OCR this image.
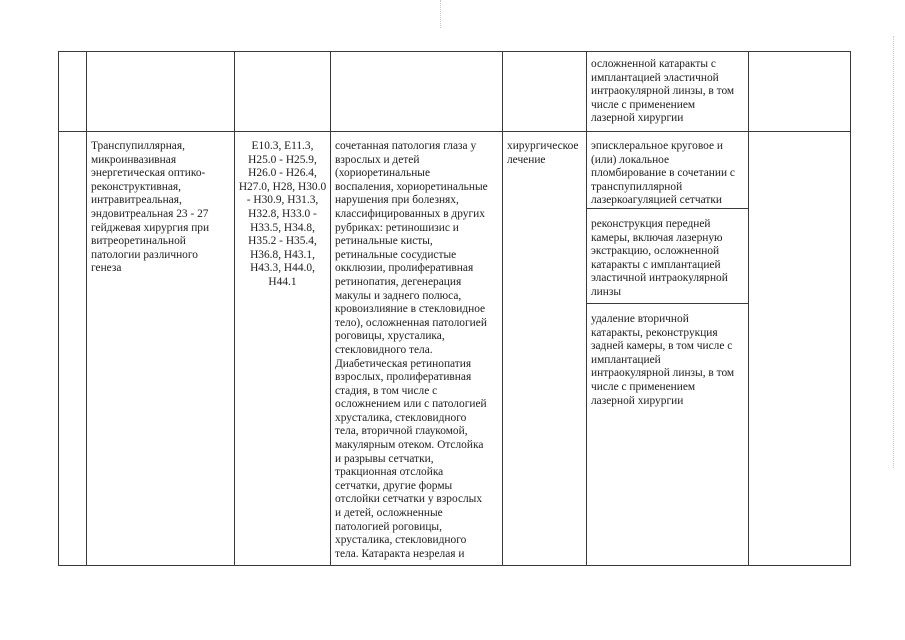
осложненной катаракты с
имплантацией эластичной
интраокулярной линзы, в том
числе с применением
лазерной хирургии
Транспупиллярная,
микроинвазивная
энергетическая оптико-
реконструктивная,
интравитреальная,
эндовитреальная 23 - 27
гейджевая хирургия при
витреоретинальной
патологии различного
генеза
E10.3, E11.3,
H25.0 - H25.9,
H26.0 - H26.4,
H27.0, H28, H30.0
- H30.9, H31.3,
H32.8, H33.0 -
H33.5, H34.8,
H35.2 - H35.4,
H36.8, H43.1,
H43.3, H44.0,
H44.1
сочетанная патология глаза у
взрослых и детей
(хориоретинальные
воспаления, хориоретинальные
нарушения при болезнях,
классифицированных в других
рубриках: ретиношизис и
ретинальные кисты,
ретинальные сосудистые
окклюзии, пролиферативная
ретинопатия, дегенерация
макулы и заднего полюса,
кровоизлияние в стекловидное
тело), осложненная патологией
роговицы, хрусталика,
стекловидного тела.
Диабетическая ретинопатия
взрослых, пролиферативная
стадия, в том числе с
осложнением или с патологией
хрусталика, стекловидного
тела, вторичной глаукомой,
макулярным отеком. Отслойка
и разрывы сетчатки,
тракционная отслойка
сетчатки, другие формы
отслойки сетчатки у взрослых
и детей, осложненные
патологией роговицы,
хрусталика, стекловидного
тела. Катаракта незрелая и
хирургическое
лечение
эписклеральное круговое и
(или) локальное
пломбирование в сочетании с
транспупиллярной
лазеркоагуляцией сетчатки
реконструкция передней
камеры, включая лазерную
экстракцию, осложненной
катаракты с имплантацией
эластичной интраокулярной
линзы
удаление вторичной
катаракты, реконструкция
задней камеры, в том числе с
имплантацией
интраокулярной линзы, в том
числе с применением
лазерной хирургии
